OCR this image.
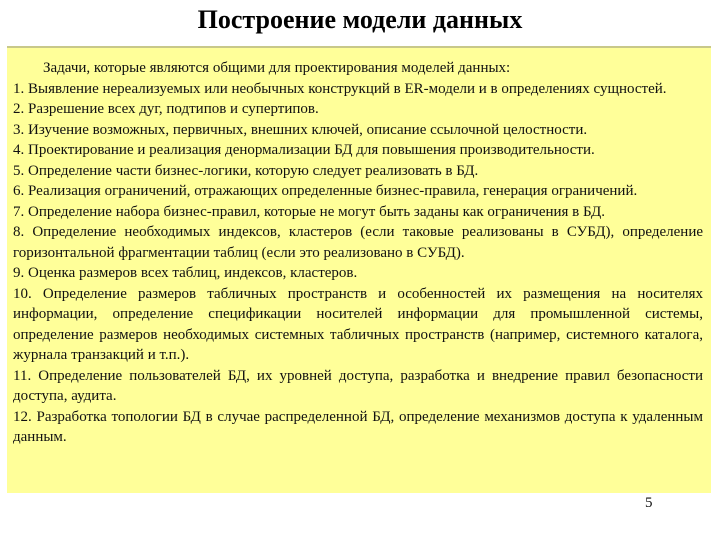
Построение модели данных

Задачи, которые являются общими для проектирования моделей данных:

1. Выявление нереализуемых или необычных конструкций в ER-модели и в определениях сущностей.

2. Разрешение всех дуг, подтипов и супертипов.

3. Изучение возможных, первичных, внешних ключей, описание ссылочной целостности.

4. Проектирование и реализация денормализации БД для повышения производительности.

5. Определение части бизнес-логики, которую следует реализовать в БД.

6. Реализация ограничений, отражающих определенные бизнес-правила, генерация ограничений.

7. Определение набора бизнес-правил, которые не могут быть заданы как ограничения в БД.

8. Определение необходимых индексов, кластеров (если таковые реализованы в СУБД), определение горизонтальной фрагментации таблиц (если это реализовано в СУБД).

9. Оценка размеров всех таблиц, индексов, кластеров.

10. Определение размеров табличных пространств и особенностей их размещения на носителях информации, определение спецификации носителей информации для промышленной системы, определение размеров необходимых системных табличных пространств (например, системного каталога, журнала транзакций и т.п.).

11. Определение пользователей БД, их уровней доступа, разработка и внедрение правил безопасности доступа, аудита.

12. Разработка топологии БД в случае распределенной БД, определение механизмов доступа к удаленным данным.

5
